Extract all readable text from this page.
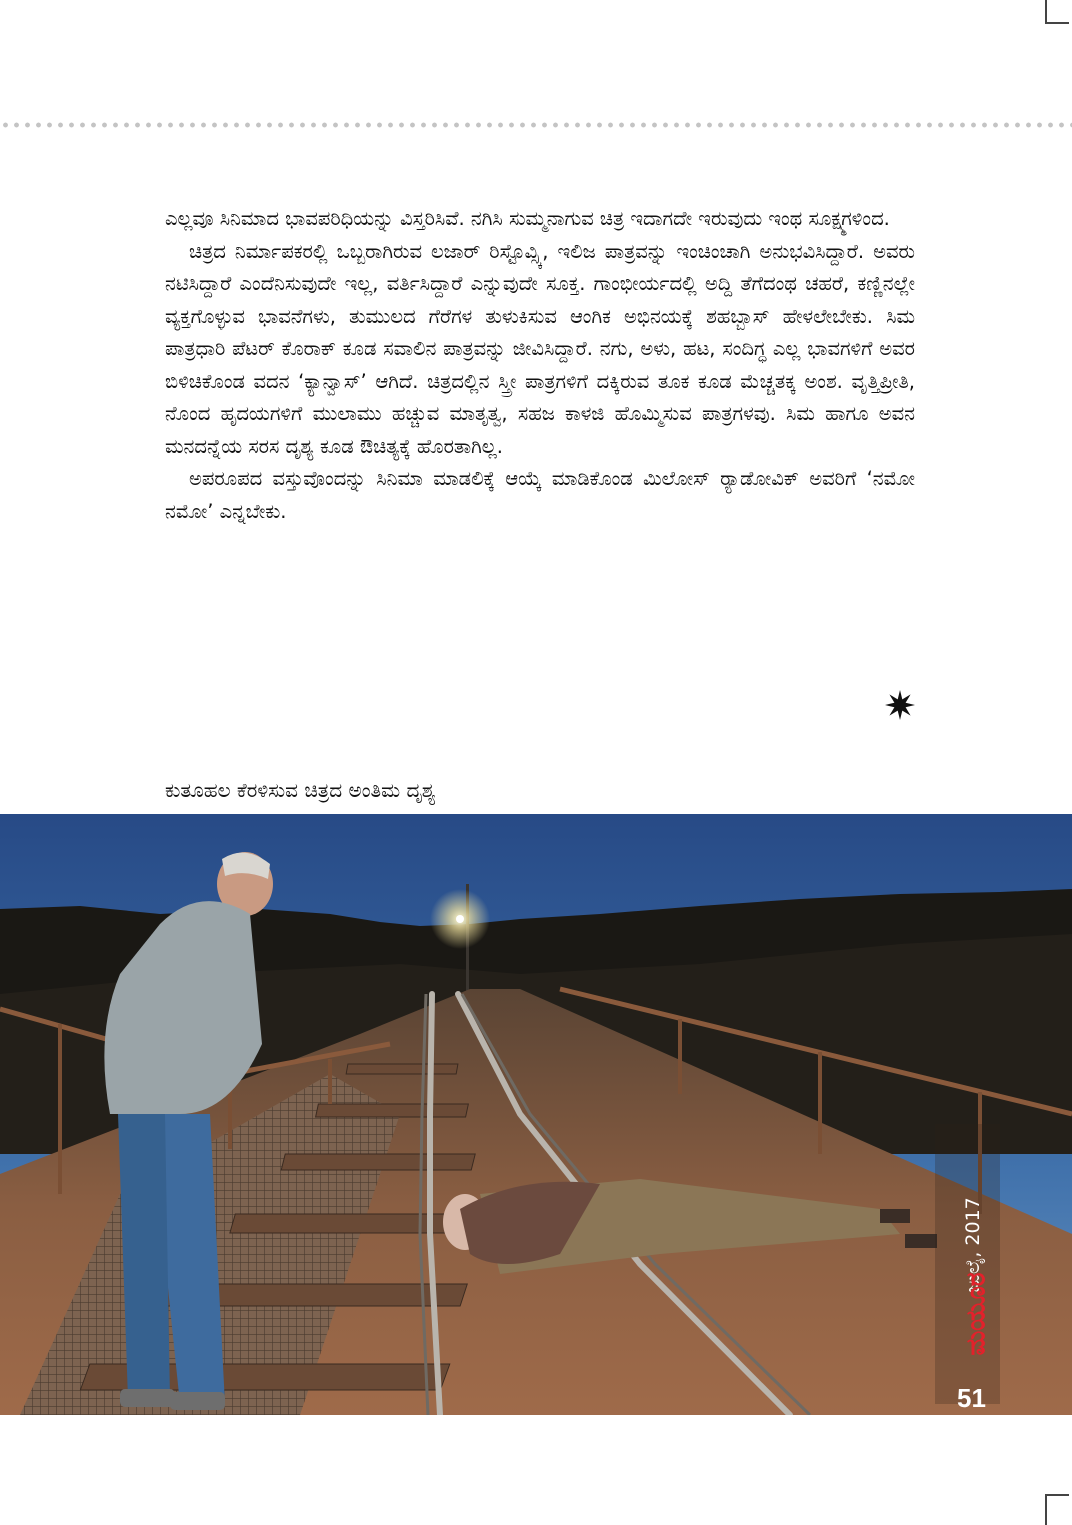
ಎಲ್ಲವೂ ಸಿನಿಮಾದ ಭಾವಪರಿಧಿಯನ್ನು ವಿಸ್ತರಿಸಿವೆ. ನಗಿಸಿ ಸುಮ್ಮನಾಗುವ ಚಿತ್ರ ಇದಾಗದೇ ಇರುವುದು ಇಂಥ ಸೂಕ್ಷ್ಮಗಳಿಂದ.

ಚಿತ್ರದ ನಿರ್ಮಾಪಕರಲ್ಲಿ ಒಬ್ಬರಾಗಿರುವ ಲಜಾರ್ ರಿಸ್ಟೊವ್ಸ್ಕಿ, ಇಲಿಜ ಪಾತ್ರವನ್ನು ಇಂಚಿಂಚಾಗಿ ಅನುಭವಿಸಿದ್ದಾರೆ. ಅವರು ನಟಿಸಿದ್ದಾರೆ ಎಂದೆನಿಸುವುದೇ ಇಲ್ಲ, ವರ್ತಿಸಿದ್ದಾರೆ ಎನ್ನುವುದೇ ಸೂಕ್ತ. ಗಾಂಭೀರ್ಯದಲ್ಲಿ ಅದ್ದಿ ತೆಗೆದಂಥ ಚಹರೆ, ಕಣ್ಣಿನಲ್ಲೇ ವ್ಯಕ್ತಗೊಳ್ಳುವ ಭಾವನೆಗಳು, ತುಮುಲದ ಗೆರೆಗಳ ತುಳುಕಿಸುವ ಆಂಗಿಕ ಅಭಿನಯಕ್ಕೆ ಶಹಬ್ಬಾಸ್ ಹೇಳಲೇಬೇಕು. ಸಿಮ ಪಾತ್ರಧಾರಿ ಪೆಟರ್ ಕೊರಾಕ್ ಕೂಡ ಸವಾಲಿನ ಪಾತ್ರವನ್ನು ಜೀವಿಸಿದ್ದಾರೆ. ನಗು, ಅಳು, ಹಟ, ಸಂದಿಗ್ಧ ಎಲ್ಲ ಭಾವಗಳಿಗೆ ಅವರ ಬಿಳಿಚಿಕೊಂಡ ವದನ ‘ಕ್ಯಾನ್ವಾಸ್’ ಆಗಿದೆ. ಚಿತ್ರದಲ್ಲಿನ ಸ್ತ್ರೀ ಪಾತ್ರಗಳಿಗೆ ದಕ್ಕಿರುವ ತೂಕ ಕೂಡ ಮೆಚ್ಚತಕ್ಕ ಅಂಶ. ವೃತ್ತಿಪ್ರೀತಿ, ನೊಂದ ಹೃದಯಗಳಿಗೆ ಮುಲಾಮು ಹಚ್ಚುವ ಮಾತೃತ್ವ, ಸಹಜ ಕಾಳಜಿ ಹೊಮ್ಮಿಸುವ ಪಾತ್ರಗಳವು. ಸಿಮ ಹಾಗೂ ಅವನ ಮನದನ್ನೆಯ ಸರಸ ದೃಶ್ಯ ಕೂಡ ಔಚಿತ್ಯಕ್ಕೆ ಹೊರತಾಗಿಲ್ಲ.

ಅಪರೂಪದ ವಸ್ತುವೊಂದನ್ನು ಸಿನಿಮಾ ಮಾಡಲಿಕ್ಕೆ ಆಯ್ಕೆ ಮಾಡಿಕೊಂಡ ಮಿಲೋಸ್ ರ್‍ಯಾಡೋವಿಕ್ ಅವರಿಗೆ ‘ನಮೋ ನಮೋ’ ಎನ್ನಬೇಕು.

ಕುತೂಹಲ ಕೆರಳಿಸುವ ಚಿತ್ರದ ಅಂತಿಮ ದೃಶ್ಯ
ಜುಲೈ, 2017
ಮಯೂರ
51
